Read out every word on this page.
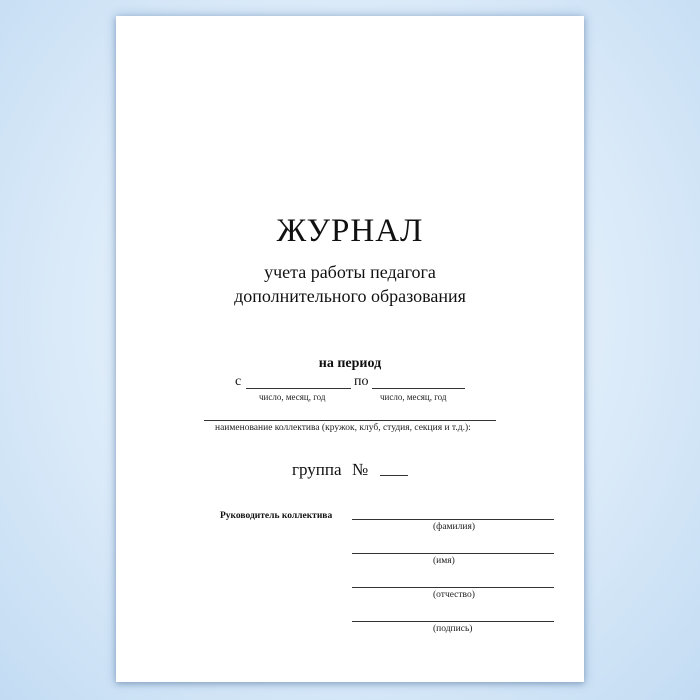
ЖУРНАЛ
учета работы педагога
дополнительного образования
на период
с	по
число, месяц, год	число, месяц, год
наименование коллектива (кружок, клуб, студия, секция и т.д.):
группа №
Руководитель коллектива
(фамилия)
(имя)
(отчество)
(подпись)
